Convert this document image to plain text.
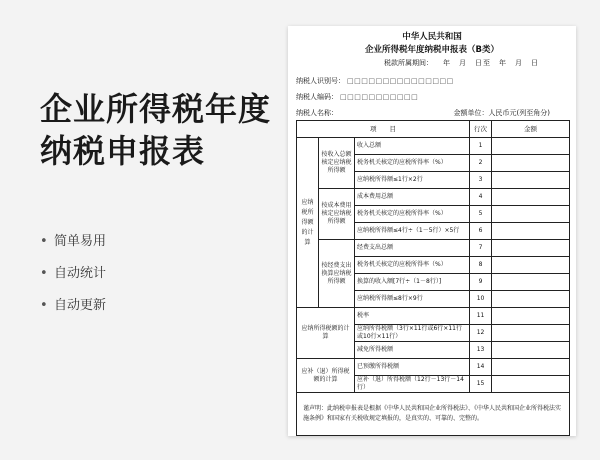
企业所得税年度
纳税申报表
• 简单易用
• 自动统计
• 自动更新
中华人民共和国
企业所得税年度纳税申报表（B类）
税款所属期间： 年　月　日至　年　月　日
纳税人识别号： □□□□□□□□□□□□□□□
纳税人编码： □□□□□□□□□□□
纳税人名称：	金额单位：人民币元(列至角分)
项　　目			行次	金额
应纳税所得额的计算	按收入总额核定应纳税所得额	收入总额	1	
		税务机关核定的应税所得率（%）	2	
		应纳税所得额≤1行×2行	3	
	按成本费用核定应纳税所得额	成本费用总额	4	
		税务机关核定的应税所得率（%）	5	
		应纳税所得额≤4行÷（1－5行）×5行	6	
	按经费支出换算应纳税所得额	经费支出总额	7	
		税务机关核定的应税所得率（%）	8	
		换算的收入额[7行÷（1－8行）]	9	
		应纳税所得额≤8行×9行	10	
应纳所得税额的计算		税率	11	
		应纳所得税额（3行×11行或6行×11行或10行×11行）	12	
		减免所得税额	13	
应补（退）所得税额的计算		已预缴所得税额	14	
		应补（退）所得税额（12行－13行－14行）	15	
谨声明：此纳税申报表是根据《中华人民共和国企业所得税法》、《中华人民共和国企业所得税法实施条例》和国家有关税收规定填报的，是真实的、可靠的、完整的。				
